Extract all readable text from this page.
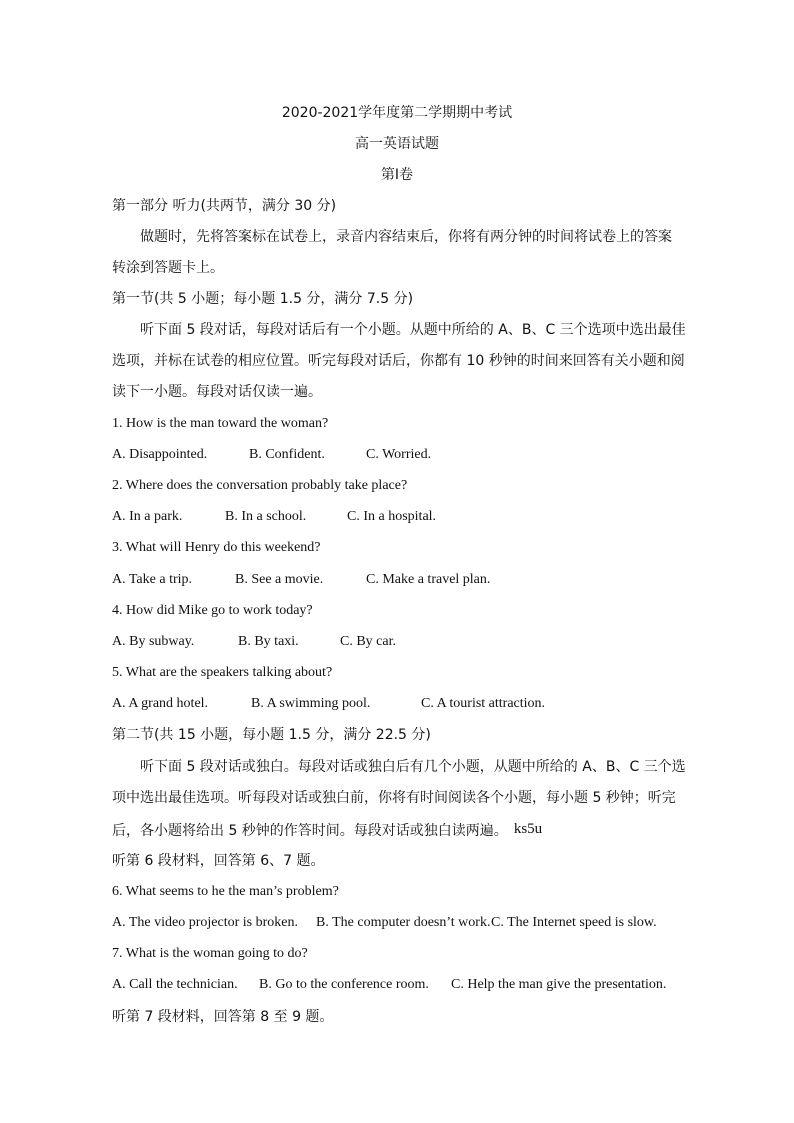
2020-2021学年度第二学期期中考试
高一英语试题
第I卷
第一部分 听力(共两节，满分 30 分)
做题时，先将答案标在试卷上，录音内容结束后，你将有两分钟的时间将试卷上的答案
转涂到答题卡上。
第一节(共 5 小题；每小题 1.5 分，满分 7.5 分)
听下面 5 段对话，每段对话后有一个小题。从题中所给的 A、B、C 三个选项中选出最佳
选项，并标在试卷的相应位置。听完每段对话后，你都有 10 秒钟的时间来回答有关小题和阅
读下一小题。每段对话仅读一遍。
1. How is the man toward the woman?
A. Disappointed.	B. Confident.	C. Worried.
2. Where does the conversation probably take place?
A. In a park.	B. In a school.	C. In a hospital.
3. What will Henry do this weekend?
A. Take a trip.	B. See a movie.	C. Make a travel plan.
4. How did Mike go to work today?
A. By subway.	B. By taxi.	C. By car.
5. What are the speakers talking about?
A. A grand hotel.	B. A swimming pool.	C. A tourist attraction.
第二节(共 15 小题，每小题 1.5 分，满分 22.5 分)
听下面 5 段对话或独白。每段对话或独白后有几个小题，从题中所给的 A、B、C 三个选
项中选出最佳选项。听每段对话或独白前，你将有时间阅读各个小题，每小题 5 秒钟；听完
后，各小题将给出 5 秒钟的作答时间。每段对话或独白读两遍。 ks5u
听第 6 段材料，回答第 6、7 题。
6. What seems to he the man’s problem?
A. The video projector is broken. B. The computer doesn’t work. C. The Internet speed is slow.
7. What is the woman going to do?
A. Call the technician. B. Go to the conference room. C. Help the man give the presentation.
听第 7 段材料，回答第 8 至 9 题。
